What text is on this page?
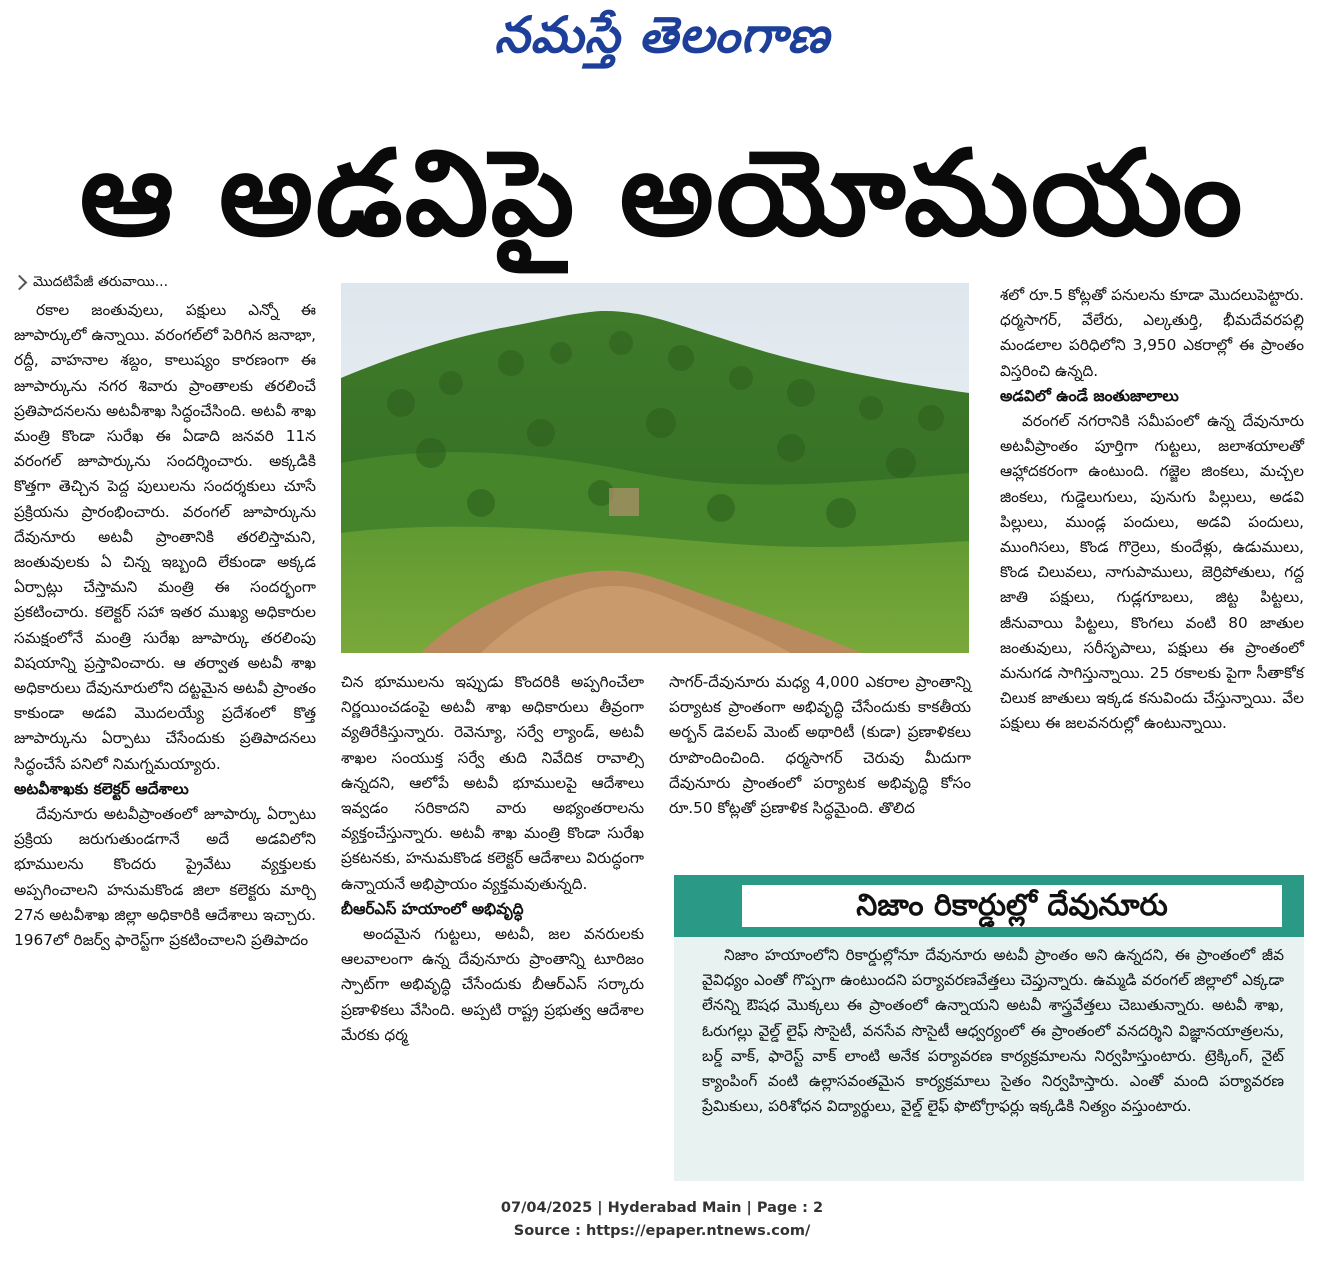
నమస్తే తెలంగాణ
ఆ అడవిపై అయోమయం
మొదటిపేజీ తరువాయి...

రకాల జంతువులు, పక్షులు ఎన్నో ఈ జూపార్కులో ఉన్నాయి. వరంగల్‌లో పెరిగిన జనాభా, రద్దీ, వాహనాల శబ్దం, కాలుష్యం కారణంగా ఈ జూపార్కును నగర శివారు ప్రాంతాలకు తరలించే ప్రతిపాదనలను అటవీశాఖ సిద్ధంచేసింది. అటవీ శాఖ మంత్రి కొండా సురేఖ ఈ ఏడాది జనవరి 11న వరంగల్ జూపార్కును సందర్శించారు. అక్కడికి కొత్తగా తెచ్చిన పెద్ద పులులను సందర్శకులు చూసే ప్రక్రియను ప్రారంభించారు. వరంగల్ జూపార్కును దేవునూరు అటవీ ప్రాంతానికి తరలిస్తామని, జంతువులకు ఏ చిన్న ఇబ్బంది లేకుండా అక్కడ ఏర్పాట్లు చేస్తామని మంత్రి ఈ సందర్భంగా ప్రకటించారు. కలెక్టర్ సహా ఇతర ముఖ్య అధికారుల సమక్షంలోనే మంత్రి సురేఖ జూపార్కు తరలింపు విషయాన్ని ప్రస్తావించారు. ఆ తర్వాత అటవీ శాఖ అధికారులు దేవునూరులోని దట్టమైన అటవీ ప్రాంతం కాకుండా అడవి మొదలయ్యే ప్రదేశంలో కొత్త జూపార్కును ఏర్పాటు చేసేందుకు ప్రతిపాదనలు సిద్ధంచేసే పనిలో నిమగ్నమయ్యారు.

అటవీశాఖకు కలెక్టర్ ఆదేశాలు

దేవునూరు అటవీప్రాంతంలో జూపార్కు ఏర్పాటు ప్రక్రియ జరుగుతుండగానే అదే అడవిలోని భూములను కొందరు ప్రైవేటు వ్యక్తులకు అప్పగించాలని హనుమకొండ జిలా కలెక్టరు మార్చి 27న అటవీశాఖ జిల్లా అధికారికి ఆదేశాలు ఇచ్చారు. 1967లో రిజర్వ్ ఫారెస్ట్‌గా ప్రకటించాలని ప్రతిపాదం

చిన భూములను ఇప్పుడు కొందరికి అప్పగించేలా నిర్ణయించడంపై అటవీ శాఖ అధికారులు తీవ్రంగా వ్యతిరేకిస్తున్నారు. రెవెన్యూ, సర్వే ల్యాండ్, అటవీ శాఖల సంయుక్త సర్వే తుది నివేదిక రావాల్సి ఉన్నదని, ఆలోపే అటవీ భూములపై ఆదేశాలు ఇవ్వడం సరికాదని వారు అభ్యంతరాలను వ్యక్తంచేస్తున్నారు. అటవీ శాఖ మంత్రి కొండా సురేఖ ప్రకటనకు, హనుమకొండ కలెక్టర్ ఆదేశాలు విరుద్ధంగా ఉన్నాయనే అభిప్రాయం వ్యక్తమవుతున్నది.

బీఆర్‌ఎస్ హయాంలో అభివృద్ధి

అందమైన గుట్టలు, అటవీ, జల వనరులకు ఆలవాలంగా ఉన్న దేవునూరు ప్రాంతాన్ని టూరిజం స్పాట్‌గా అభివృద్ధి చేసేందుకు బీఆర్‌ఎస్ సర్కారు ప్రణాళికలు వేసింది. అప్పటి రాష్ట్ర ప్రభుత్వ ఆదేశాల మేరకు ధర్మ

సాగర్-దేవునూరు మధ్య 4,000 ఎకరాల ప్రాంతాన్ని పర్యాటక ప్రాంతంగా అభివృద్ధి చేసేందుకు కాకతీయ అర్బన్ డెవలప్ మెంట్ అథారిటీ (కుడా) ప్రణాళికలు రూపొందించింది. ధర్మసాగర్ చెరువు మీదుగా దేవునూరు ప్రాంతంలో పర్యాటక అభివృద్ధి కోసం రూ.50 కోట్లతో ప్రణాళిక సిద్ధమైంది. తొలిద

శలో రూ.5 కోట్లతో పనులను కూడా మొదలుపెట్టారు. ధర్మసాగర్, వేలేరు, ఎల్కతుర్తి, భీమదేవరపల్లి మండలాల పరిధిలోని 3,950 ఎకరాల్లో ఈ ప్రాంతం విస్తరించి ఉన్నది.

అడవిలో ఉండే జంతుజాలాలు

వరంగల్ నగరానికి సమీపంలో ఉన్న దేవునూరు అటవీప్రాంతం పూర్తిగా గుట్టలు, జలాశయాలతో ఆహ్లాదకరంగా ఉంటుంది. గజ్జెల జింకలు, మచ్చల జింకలు, గుడ్డెలుగులు, పునుగు పిల్లులు, అడవి పిల్లులు, ముండ్ల పందులు, అడవి పందులు, ముంగిసలు, కొండ గొర్రెలు, కుందేళ్లు, ఉడుములు, కొండ చిలువలు, నాగుపాములు, జెర్రిపోతులు, గద్ద జాతి పక్షులు, గుడ్లగూబలు, జిట్ట పిట్టలు, జీనువాయి పిట్టలు, కొంగలు వంటి 80 జాతుల జంతువులు, సరీసృపాలు, పక్షులు ఈ ప్రాంతంలో మనుగడ సాగిస్తున్నాయి. 25 రకాలకు పైగా సీతాకోక చిలుక జాతులు ఇక్కడ కనువిందు చేస్తున్నాయి. వేల పక్షులు ఈ జలవనరుల్లో ఉంటున్నాయి.

నిజాం రికార్డుల్లో దేవునూరు

నిజాం హయాంలోని రికార్డుల్లోనూ దేవునూరు అటవీ ప్రాంతం అని ఉన్నదని, ఈ ప్రాంతంలో జీవ వైవిధ్యం ఎంతో గొప్పగా ఉంటుందని పర్యావరణవేత్తలు చెప్తున్నారు. ఉమ్మడి వరంగల్ జిల్లాలో ఎక్కడా లేనన్ని ఔషధ మొక్కలు ఈ ప్రాంతంలో ఉన్నాయని అటవీ శాస్త్రవేత్తలు చెబుతున్నారు. అటవీ శాఖ, ఓరుగల్లు వైల్డ్ లైఫ్ సొసైటీ, వనసేవ సొసైటీ ఆధ్వర్యంలో ఈ ప్రాంతంలో వనదర్శిని విజ్ఞానయాత్రలను, బర్డ్ వాక్, ఫారెస్ట్ వాక్ లాంటి అనేక పర్యావరణ కార్యక్రమాలను నిర్వహిస్తుంటారు. ట్రెక్కింగ్, నైట్ క్యాంపింగ్ వంటి ఉల్లాసవంతమైన కార్యక్రమాలు సైతం నిర్వహిస్తారు. ఎంతో మంది పర్యావరణ ప్రేమికులు, పరిశోధన విద్యార్థులు, వైల్డ్ లైఫ్ ఫొటోగ్రాఫర్లు ఇక్కడికి నిత్యం వస్తుంటారు.

07/04/2025 | Hyderabad Main | Page : 2
Source : https://epaper.ntnews.com/
